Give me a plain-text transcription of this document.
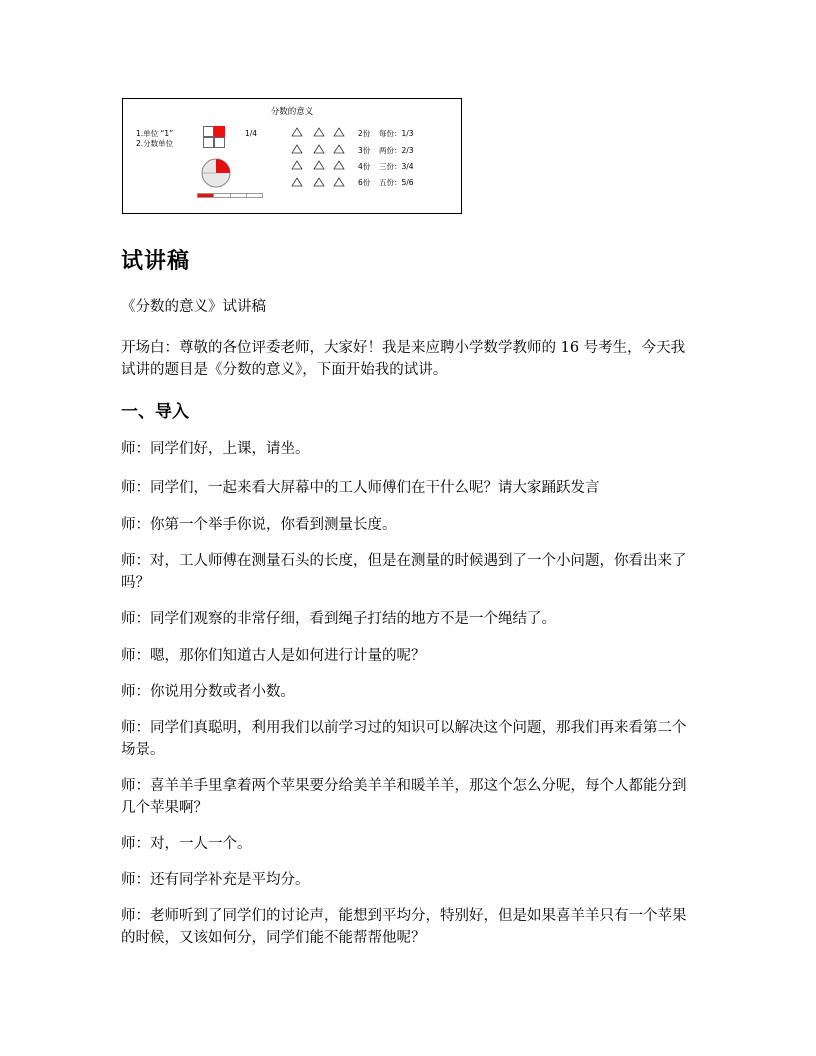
分数的意义
1.单位 “1”
2.分数单位
1/4	2份 每份：1/3
3份 两份：2/3
4份 三份：3/4
6份 五份：5/6
试讲稿
《分数的意义》试讲稿
开场白：尊敬的各位评委老师，大家好！我是来应聘小学数学教师的 16 号考生，今天我试讲的题目是《分数的意义》，下面开始我的试讲。
一、导入
师：同学们好，上课，请坐。
师：同学们，一起来看大屏幕中的工人师傅们在干什么呢？请大家踊跃发言
师：你第一个举手你说，你看到测量长度。
师：对，工人师傅在测量石头的长度，但是在测量的时候遇到了一个小问题，你看出来了吗？
师：同学们观察的非常仔细，看到绳子打结的地方不是一个绳结了。
师：嗯，那你们知道古人是如何进行计量的呢？
师：你说用分数或者小数。
师：同学们真聪明，利用我们以前学习过的知识可以解决这个问题，那我们再来看第二个场景。
师：喜羊羊手里拿着两个苹果要分给美羊羊和暖羊羊，那这个怎么分呢，每个人都能分到几个苹果啊？
师：对，一人一个。
师：还有同学补充是平均分。
师：老师听到了同学们的讨论声，能想到平均分，特别好，但是如果喜羊羊只有一个苹果的时候，又该如何分，同学们能不能帮帮他呢？
